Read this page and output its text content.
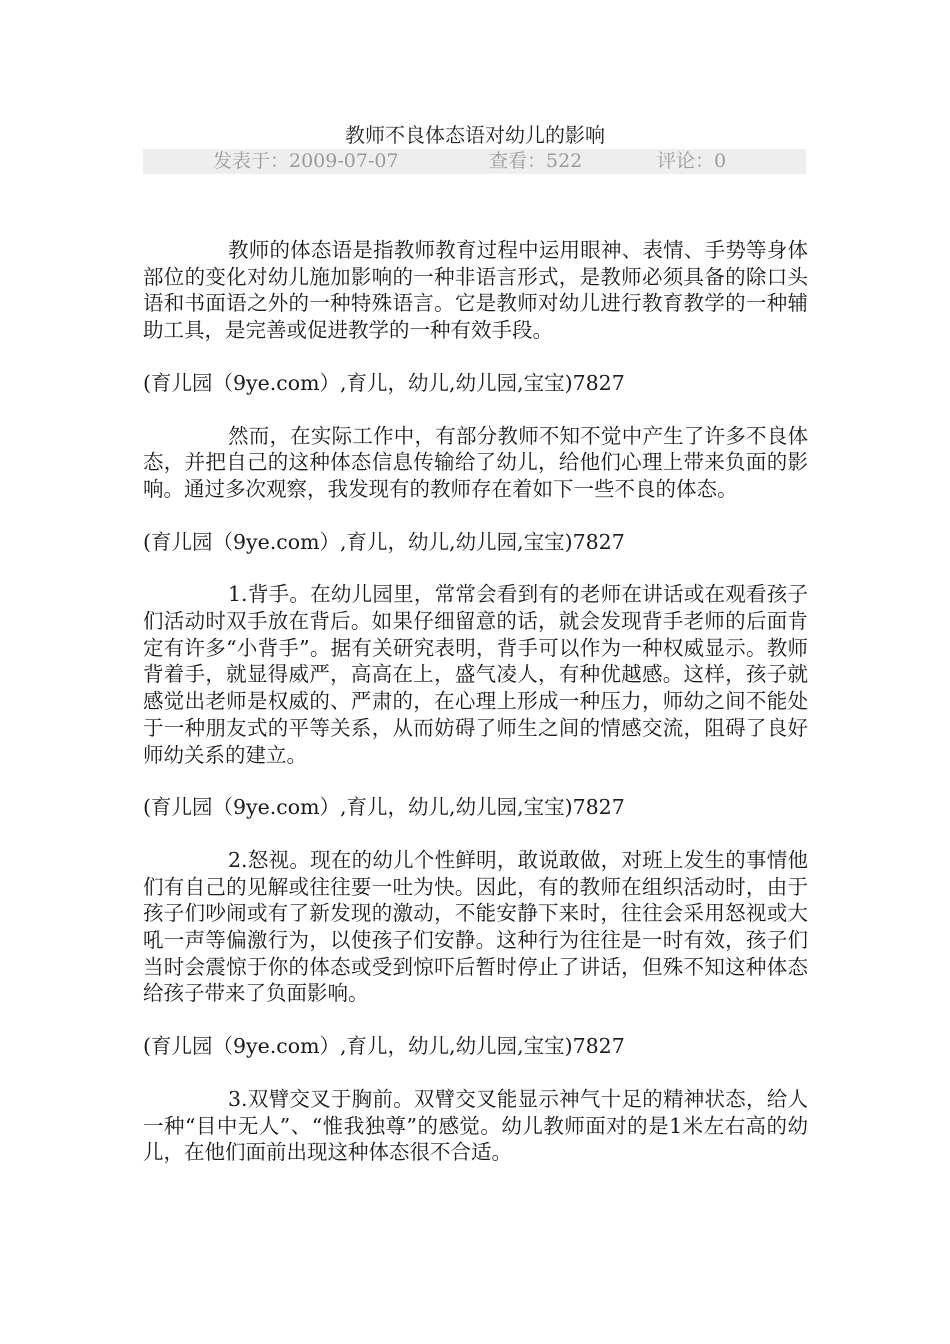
教师不良体态语对幼儿的影响

发表于：2009-07-07

	查看：522

	评论：0

教师的体态语是指教师教育过程中运用眼神、表情、手势等身体部位的变化对幼儿施加影响的一种非语言形式，是教师必须具备的除口头语和书面语之外的一种特殊语言。它是教师对幼儿进行教育教学的一种辅助工具，是完善或促进教学的一种有效手段。

(育儿园（9ye.com）,育儿，幼儿,幼儿园,宝宝)7827

然而，在实际工作中，有部分教师不知不觉中产生了许多不良体态，并把自己的这种体态信息传输给了幼儿，给他们心理上带来负面的影响。通过多次观察，我发现有的教师存在着如下一些不良的体态。

(育儿园（9ye.com）,育儿，幼儿,幼儿园,宝宝)7827

1.背手。在幼儿园里，常常会看到有的老师在讲话或在观看孩子们活动时双手放在背后。如果仔细留意的话，就会发现背手老师的后面肯定有许多“小背手”。据有关研究表明，背手可以作为一种权威显示。教师背着手，就显得威严，高高在上，盛气凌人，有种优越感。这样，孩子就感觉出老师是权威的、严肃的，在心理上形成一种压力，师幼之间不能处于一种朋友式的平等关系，从而妨碍了师生之间的情感交流，阻碍了良好师幼关系的建立。

(育儿园（9ye.com）,育儿，幼儿,幼儿园,宝宝)7827

2.怒视。现在的幼儿个性鲜明，敢说敢做，对班上发生的事情他们有自己的见解或往往要一吐为快。因此，有的教师在组织活动时，由于孩子们吵闹或有了新发现的激动，不能安静下来时，往往会采用怒视或大吼一声等偏激行为，以使孩子们安静。这种行为往往是一时有效，孩子们当时会震惊于你的体态或受到惊吓后暂时停止了讲话，但殊不知这种体态给孩子带来了负面影响。

(育儿园（9ye.com）,育儿，幼儿,幼儿园,宝宝)7827

3.双臂交叉于胸前。双臂交叉能显示神气十足的精神状态，给人一种“目中无人”、“惟我独尊”的感觉。幼儿教师面对的是1米左右高的幼儿，在他们面前出现这种体态很不合适。
